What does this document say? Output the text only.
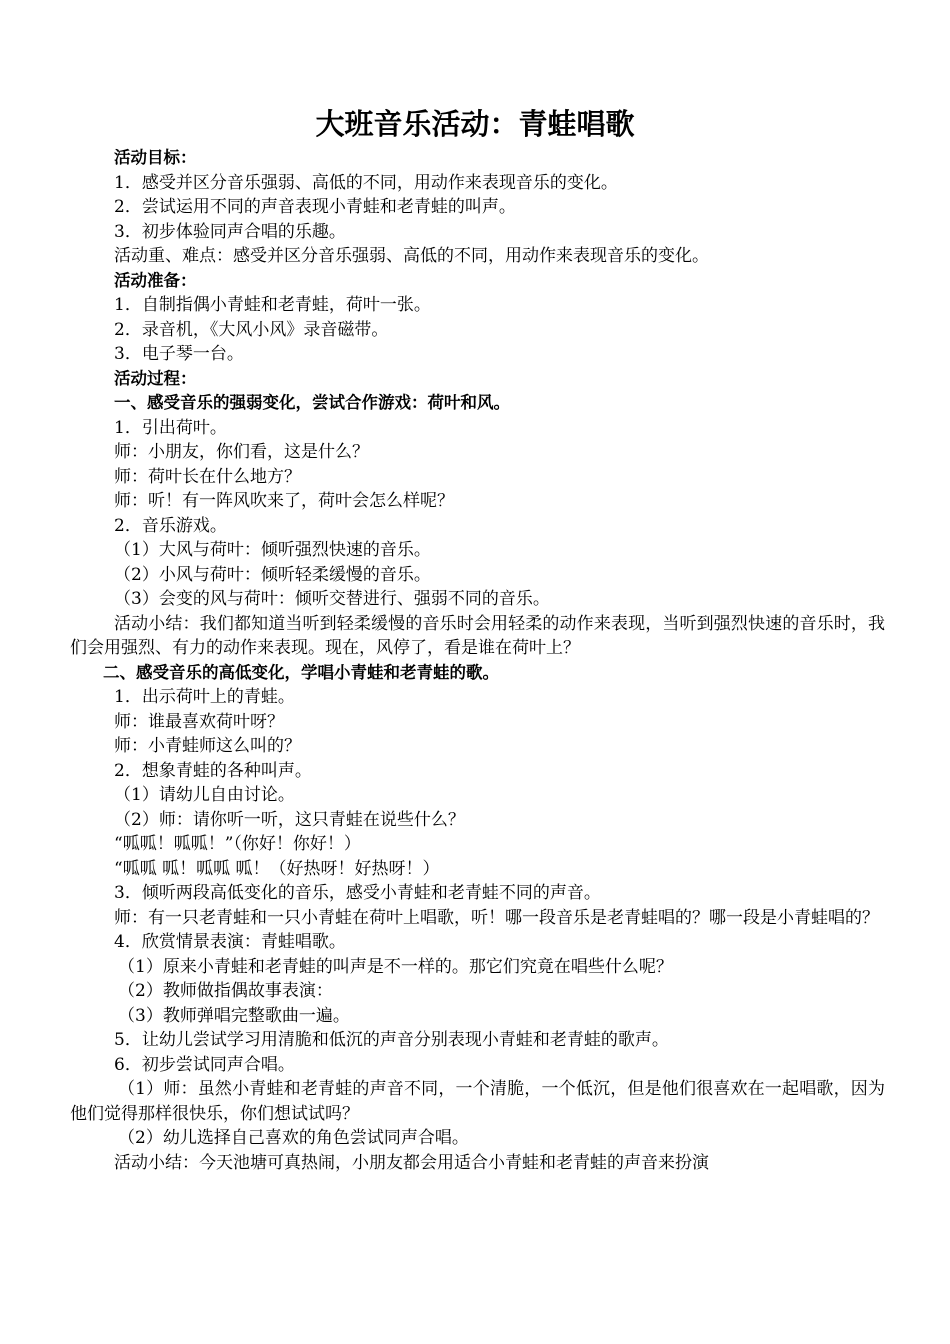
大班音乐活动：青蛙唱歌

活动目标：

1．感受并区分音乐强弱、高低的不同，用动作来表现音乐的变化。

2．尝试运用不同的声音表现小青蛙和老青蛙的叫声。

3．初步体验同声合唱的乐趣。

活动重、难点：感受并区分音乐强弱、高低的不同，用动作来表现音乐的变化。

活动准备：

1．自制指偶小青蛙和老青蛙，荷叶一张。

2．录音机，《大风小风》录音磁带。

3．电子琴一台。

活动过程：

一、感受音乐的强弱变化，尝试合作游戏：荷叶和风。

1．引出荷叶。

师：小朋友，你们看，这是什么？

师：荷叶长在什么地方？

师：听！有一阵风吹来了，荷叶会怎么样呢？

2．音乐游戏。

（1）大风与荷叶：倾听强烈快速的音乐。

（2）小风与荷叶：倾听轻柔缓慢的音乐。

（3）会变的风与荷叶：倾听交替进行、强弱不同的音乐。

活动小结：我们都知道当听到轻柔缓慢的音乐时会用轻柔的动作来表现，当听到强烈快速的音乐时，我们会用强烈、有力的动作来表现。现在，风停了，看是谁在荷叶上？

二、感受音乐的高低变化，学唱小青蛙和老青蛙的歌。

1．出示荷叶上的青蛙。

师：谁最喜欢荷叶呀？

师：小青蛙师这么叫的？

2．想象青蛙的各种叫声。

（1）请幼儿自由讨论。

（2）师：请你听一听，这只青蛙在说些什么？

“呱呱！呱呱！”（你好！你好！）

“呱呱 呱！呱呱 呱！（好热呀！好热呀！）

3．倾听两段高低变化的音乐，感受小青蛙和老青蛙不同的声音。

师：有一只老青蛙和一只小青蛙在荷叶上唱歌，听！哪一段音乐是老青蛙唱的？哪一段是小青蛙唱的？

4．欣赏情景表演：青蛙唱歌。

（1）原来小青蛙和老青蛙的叫声是不一样的。那它们究竟在唱些什么呢？

（2）教师做指偶故事表演：

（3）教师弹唱完整歌曲一遍。

5．让幼儿尝试学习用清脆和低沉的声音分别表现小青蛙和老青蛙的歌声。

6．初步尝试同声合唱。

（1）师：虽然小青蛙和老青蛙的声音不同，一个清脆，一个低沉，但是他们很喜欢在一起唱歌，因为他们觉得那样很快乐，你们想试试吗？

（2）幼儿选择自己喜欢的角色尝试同声合唱。

活动小结：今天池塘可真热闹，小朋友都会用适合小青蛙和老青蛙的声音来扮演
